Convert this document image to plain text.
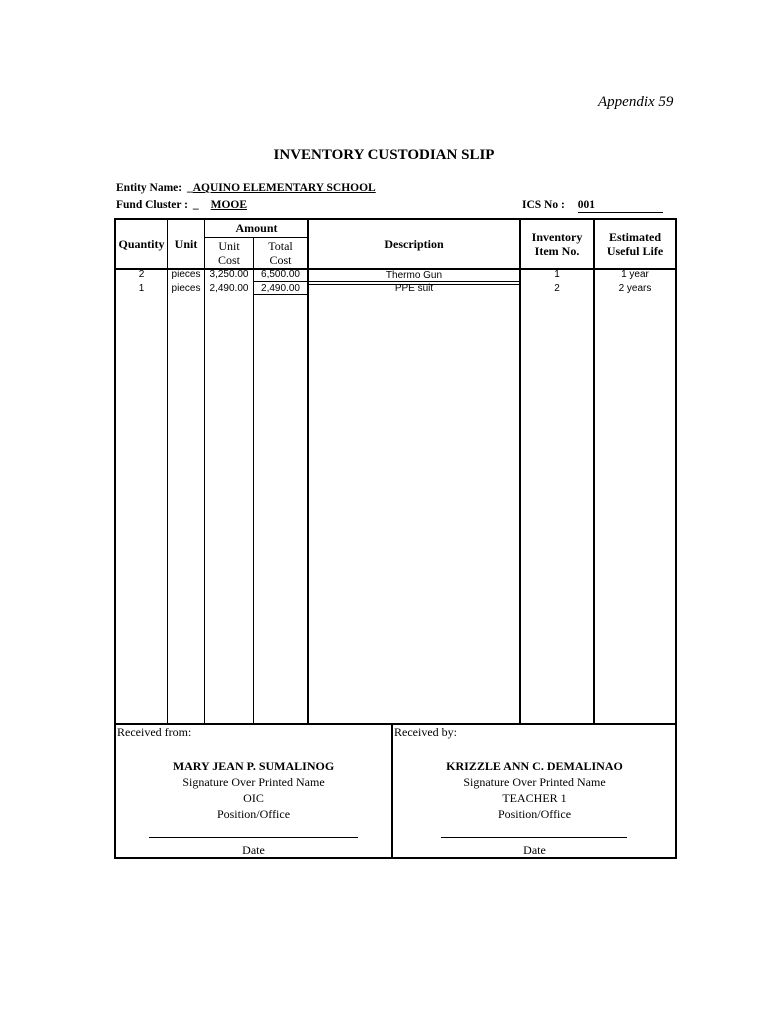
Appendix 59
INVENTORY CUSTODIAN SLIP
Entity Name: _AQUINO ELEMENTARY SCHOOL
Fund Cluster : _ MOOE	ICS No : 001
Quantity Unit
Amount
Unit
Cost
Total
Cost
Description	Inventory
Item No.
Estimated
Useful Life
2	pieces 3,250.00	6,500.00	Thermo Gun	1	1 year
1	pieces 2,490.00	2,490.00	PPE suit	2	2 years
Received from:
MARY JEAN P. SUMALINOG
Signature Over Printed Name
OIC
Position/Office
Date
Received by:
KRIZZLE ANN C. DEMALINAO
Signature Over Printed Name
TEACHER 1
Position/Office
Date
